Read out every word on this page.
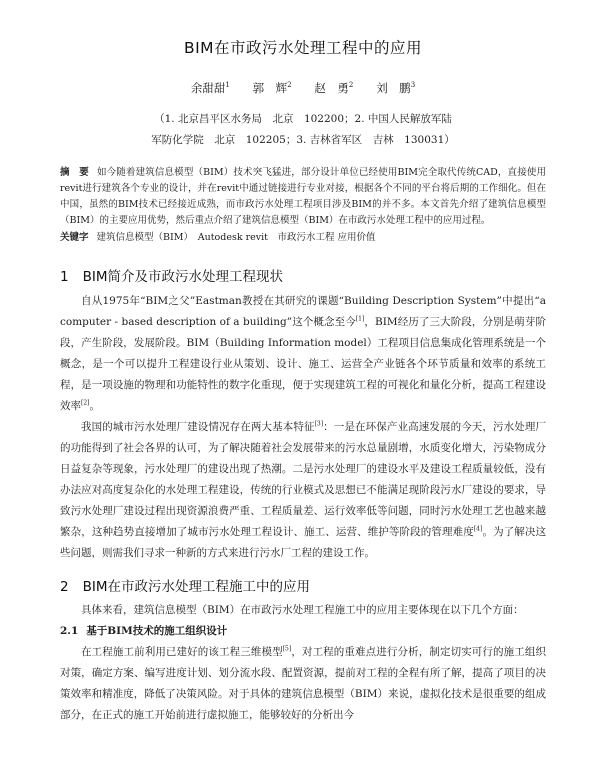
BIM在市政污水处理工程中的应用
余甜甜$^1$   郭　辉$^2$   赵　勇$^2$   刘　鹏$^3$
（1. 北京昌平区水务局　北京　102200；2. 中国人民解放军陆
军防化学院　北京　102205；3. 吉林省军区　吉林　130031）
摘　要 如今随着建筑信息模型（BIM）技术突飞猛进，部分设计单位已经使用BIM完全取代传统CAD，直接使用revit进行建筑各个专业的设计，并在revit中通过链接进行专业对接，根据各个不同的平台将后期的工作细化。但在中国，虽然的BIM技术已经接近成熟，而市政污水处理工程项目涉及BIM的并不多。本文首先介绍了建筑信息模型（BIM）的主要应用优势，然后重点介绍了建筑信息模型（BIM）在市政污水处理工程中的应用过程。
关键字 建筑信息模型（BIM）　Autodesk revit　市政污水工程 应用价值
1 BIM简介及市政污水处理工程现状

自从1975年“BIM之父”Eastman教授在其研究的课题“Building Description System”中提出“a computer - based description of a building”这个概念至今[1]，BIM经历了三大阶段，分别是萌芽阶段，产生阶段，发展阶段。BIM（Building Information model）工程项目信息集成化管理系统是一个概念，是一个可以提升工程建设行业从策划、设计、施工、运营全产业链各个环节质量和效率的系统工程，是一项设施的物理和功能特性的数字化重现，便于实现建筑工程的可视化和量化分析，提高工程建设效率[2]。

我国的城市污水处理厂建设情况存在两大基本特征[3]：一是在环保产业高速发展的今天，污水处理厂的功能得到了社会各界的认可，为了解决随着社会发展带来的污水总量剧增，水质变化增大，污染物成分日益复杂等现象，污水处理厂的建设出现了热潮。二是污水处理厂的建设水平及建设工程质量较低，没有办法应对高度复杂化的水处理工程建设，传统的行业模式及思想已不能满足现阶段污水厂建设的要求，导致污水处理厂建设过程出现资源浪费严重、工程质量差、运行效率低等问题，同时污水处理工艺也越来越繁杂，这种趋势直接增加了城市污水处理工程设计、施工、运营、维护等阶段的管理难度[4]。为了解决这些问题，则需我们寻求一种新的方式来进行污水厂工程的建设工作。

2 BIM在市政污水处理工程施工中的应用

具体来看，建筑信息模型（BIM）在市政污水处理工程施工中的应用主要体现在以下几个方面：

2.1 基于BIM技术的施工组织设计

在工程施工前利用已建好的该工程三维模型[5]，对工程的重难点进行分析，制定切实可行的施工组织对策，确定方案、编写进度计划、划分流水段、配置资源，提前对工程的全程有所了解，提高了项目的决策效率和精准度，降低了决策风险。对于具体的建筑信息模型（BIM）来说，虚拟化技术是很重要的组成部分，在正式的施工开始前进行虚拟施工，能够较好的分析出今
